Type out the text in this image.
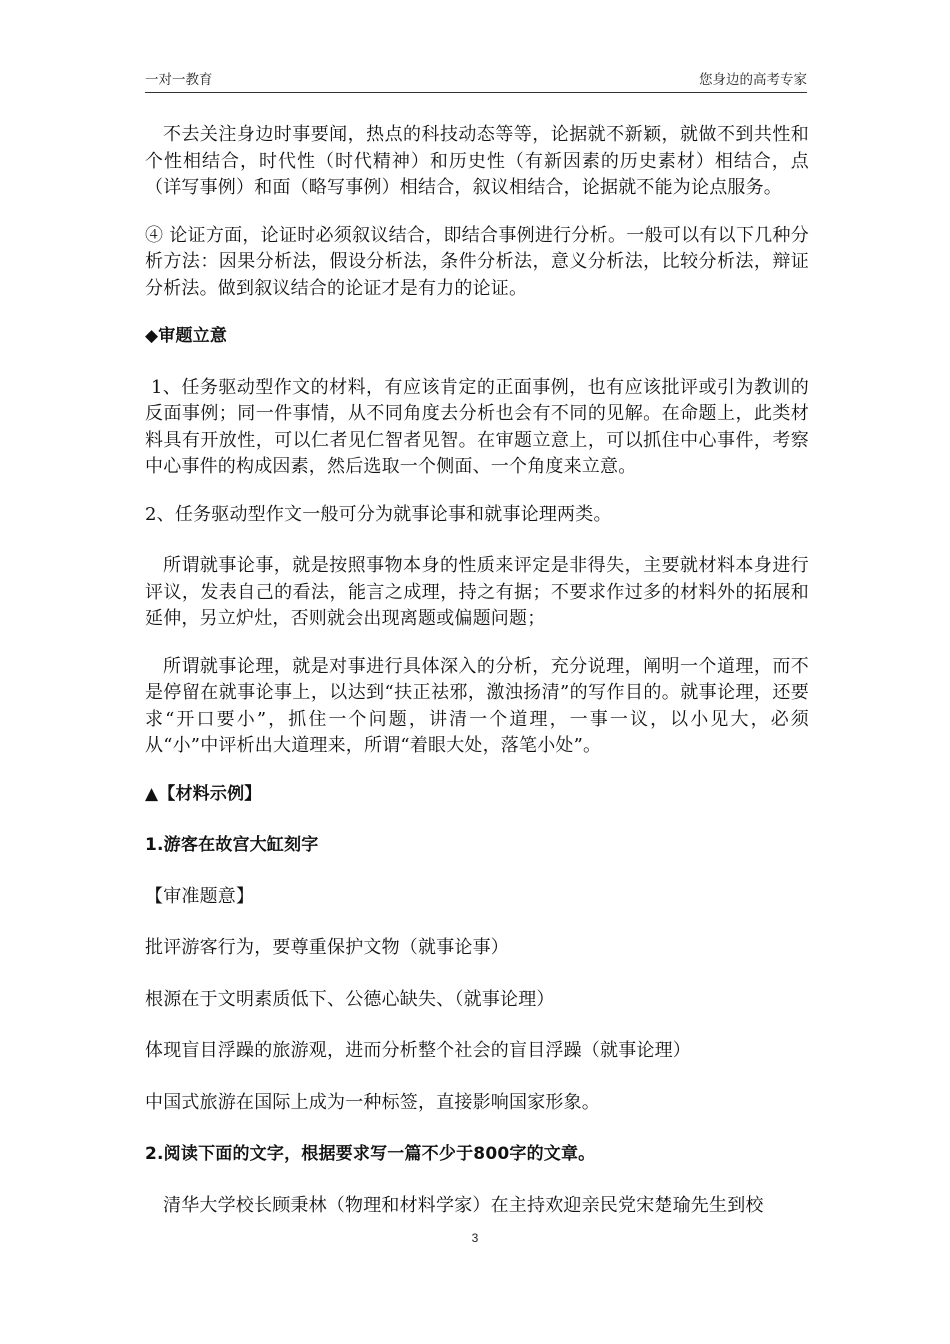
一对一教育	您身边的高考专家

不去关注身边时事要闻，热点的科技动态等等，论据就不新颖，就做不到共性和个性相结合，时代性（时代精神）和历史性（有新因素的历史素材）相结合，点（详写事例）和面（略写事例）相结合，叙议相结合，论据就不能为论点服务。

④ 论证方面，论证时必须叙议结合，即结合事例进行分析。一般可以有以下几种分析方法：因果分析法，假设分析法，条件分析法，意义分析法，比较分析法，辩证分析法。做到叙议结合的论证才是有力的论证。

◆审题立意

1、任务驱动型作文的材料，有应该肯定的正面事例，也有应该批评或引为教训的反面事例；同一件事情，从不同角度去分析也会有不同的见解。在命题上，此类材料具有开放性，可以仁者见仁智者见智。在审题立意上，可以抓住中心事件，考察中心事件的构成因素，然后选取一个侧面、一个角度来立意。

2、任务驱动型作文一般可分为就事论事和就事论理两类。

所谓就事论事，就是按照事物本身的性质来评定是非得失，主要就材料本身进行评议，发表自己的看法，能言之成理，持之有据；不要求作过多的材料外的拓展和延伸，另立炉灶，否则就会出现离题或偏题问题；

所谓就事论理，就是对事进行具体深入的分析，充分说理，阐明一个道理，而不是停留在就事论事上，以达到“扶正祛邪，激浊扬清”的写作目的。就事论理，还要求“开口要小”，抓住一个问题，讲清一个道理，一事一议，以小见大，必须从“小”中评析出大道理来，所谓“着眼大处，落笔小处”。

▲【材料示例】

1.游客在故宫大缸刻字

【审准题意】

批评游客行为，要尊重保护文物（就事论事）

根源在于文明素质低下、公德心缺失、（就事论理）

体现盲目浮躁的旅游观，进而分析整个社会的盲目浮躁（就事论理）

中国式旅游在国际上成为一种标签，直接影响国家形象。

2.阅读下面的文字，根据要求写一篇不少于800字的文章。

清华大学校长顾秉林（物理和材料学家）在主持欢迎亲民党宋楚瑜先生到校

3
